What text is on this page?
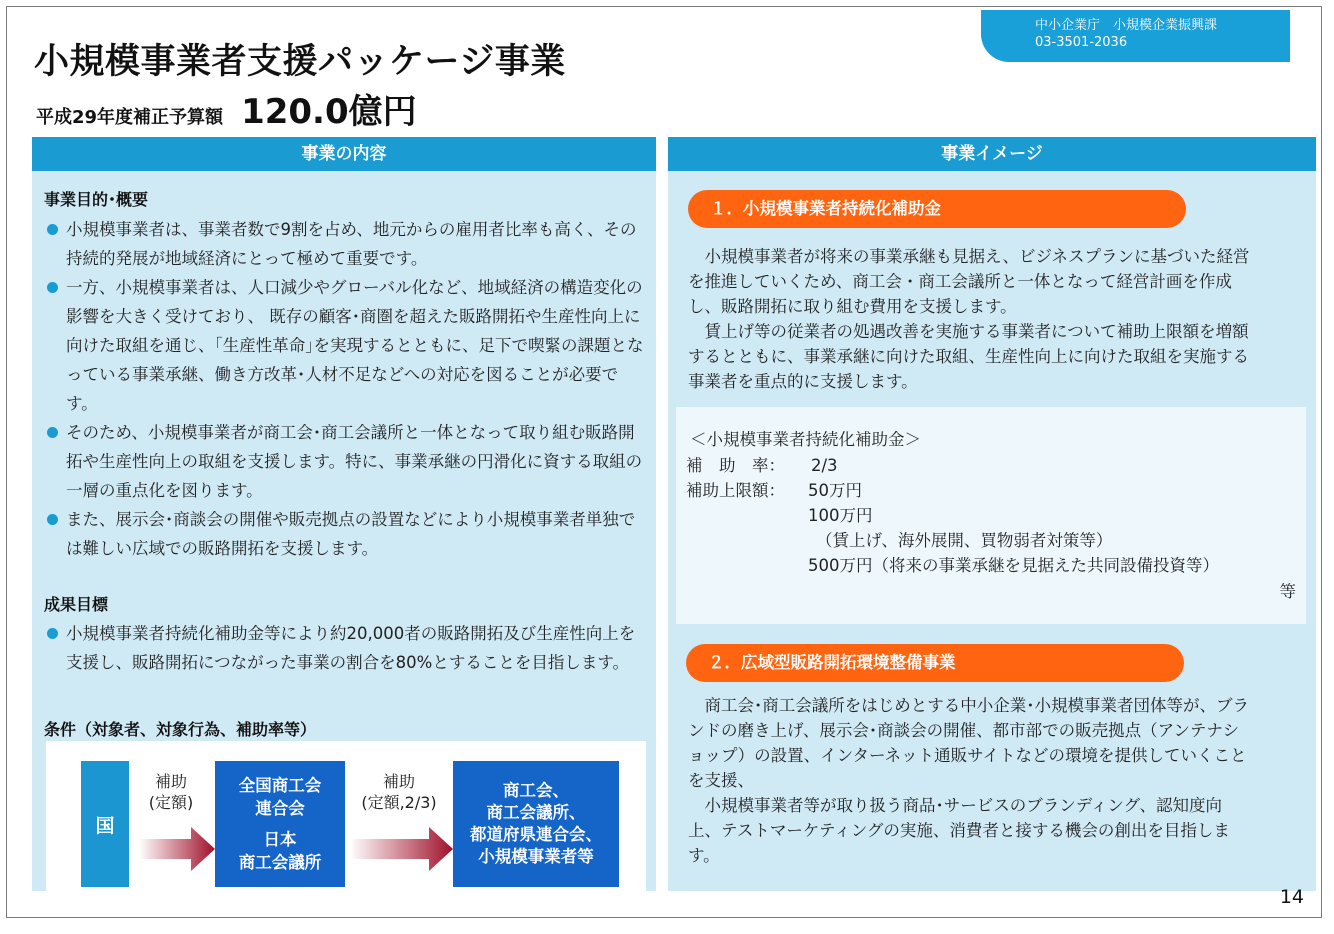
小規模事業者支援パッケージ事業
平成29年度補正予算額 120.0億円
中小企業庁　小規模企業振興課
03-3501-2036
事業の内容
事業目的･概要
小規模事業者は、事業者数で9割を占め、地元からの雇用者比率も高く、その持続的発展が地域経済にとって極めて重要です。
一方、小規模事業者は、人口減少やグローバル化など、地域経済の構造変化の影響を大きく受けており、 既存の顧客･商圏を超えた販路開拓や生産性向上に向けた取組を通じ、｢生産性革命｣を実現するとともに、足下で喫緊の課題となっている事業承継、働き方改革･人材不足などへの対応を図ることが必要です。
そのため、小規模事業者が商工会･商工会議所と一体となって取り組む販路開拓や生産性向上の取組を支援します。特に、事業承継の円滑化に資する取組の一層の重点化を図ります。
また、展示会･商談会の開催や販売拠点の設置などにより小規模事業者単独では難しい広域での販路開拓を支援します。
成果目標
小規模事業者持続化補助金等により約20,000者の販路開拓及び生産性向上を支援し、販路開拓につながった事業の割合を80%とすることを目指します。
条件（対象者、対象行為、補助率等）
国
補助
(定額)
全国商工会
連合会
日本
商工会議所
補助
(定額,2/3)
商工会、
商工会議所、
都道府県連合会、
小規模事業者等
事業イメージ
１．小規模事業者持続化補助金

小規模事業者が将来の事業承継も見据え、ビジネスプランに基づいた経営を推進していくため、商工会・商工会議所と一体となって経営計画を作成し、販路開拓に取り組む費用を支援します。

賃上げ等の従業者の処遇改善を実施する事業者について補助上限額を増額するとともに、事業承継に向けた取組、生産性向上に向けた取組を実施する事業者を重点的に支援します。

＜小規模事業者持続化補助金＞
補　助　率： 2/3
補助上限額： 50万円
100万円
（賃上げ、海外展開、買物弱者対策等）
500万円（将来の事業承継を見据えた共同設備投資等）
等
２．広域型販路開拓環境整備事業

商工会･商工会議所をはじめとする中小企業･小規模事業者団体等が、ブランドの磨き上げ、展示会･商談会の開催、都市部での販売拠点（アンテナショップ）の設置、インターネット通販サイトなどの環境を提供していくことを支援、

小規模事業者等が取り扱う商品･サービスのブランディング、認知度向上、テストマーケティングの実施、消費者と接する機会の創出を目指します。

14
